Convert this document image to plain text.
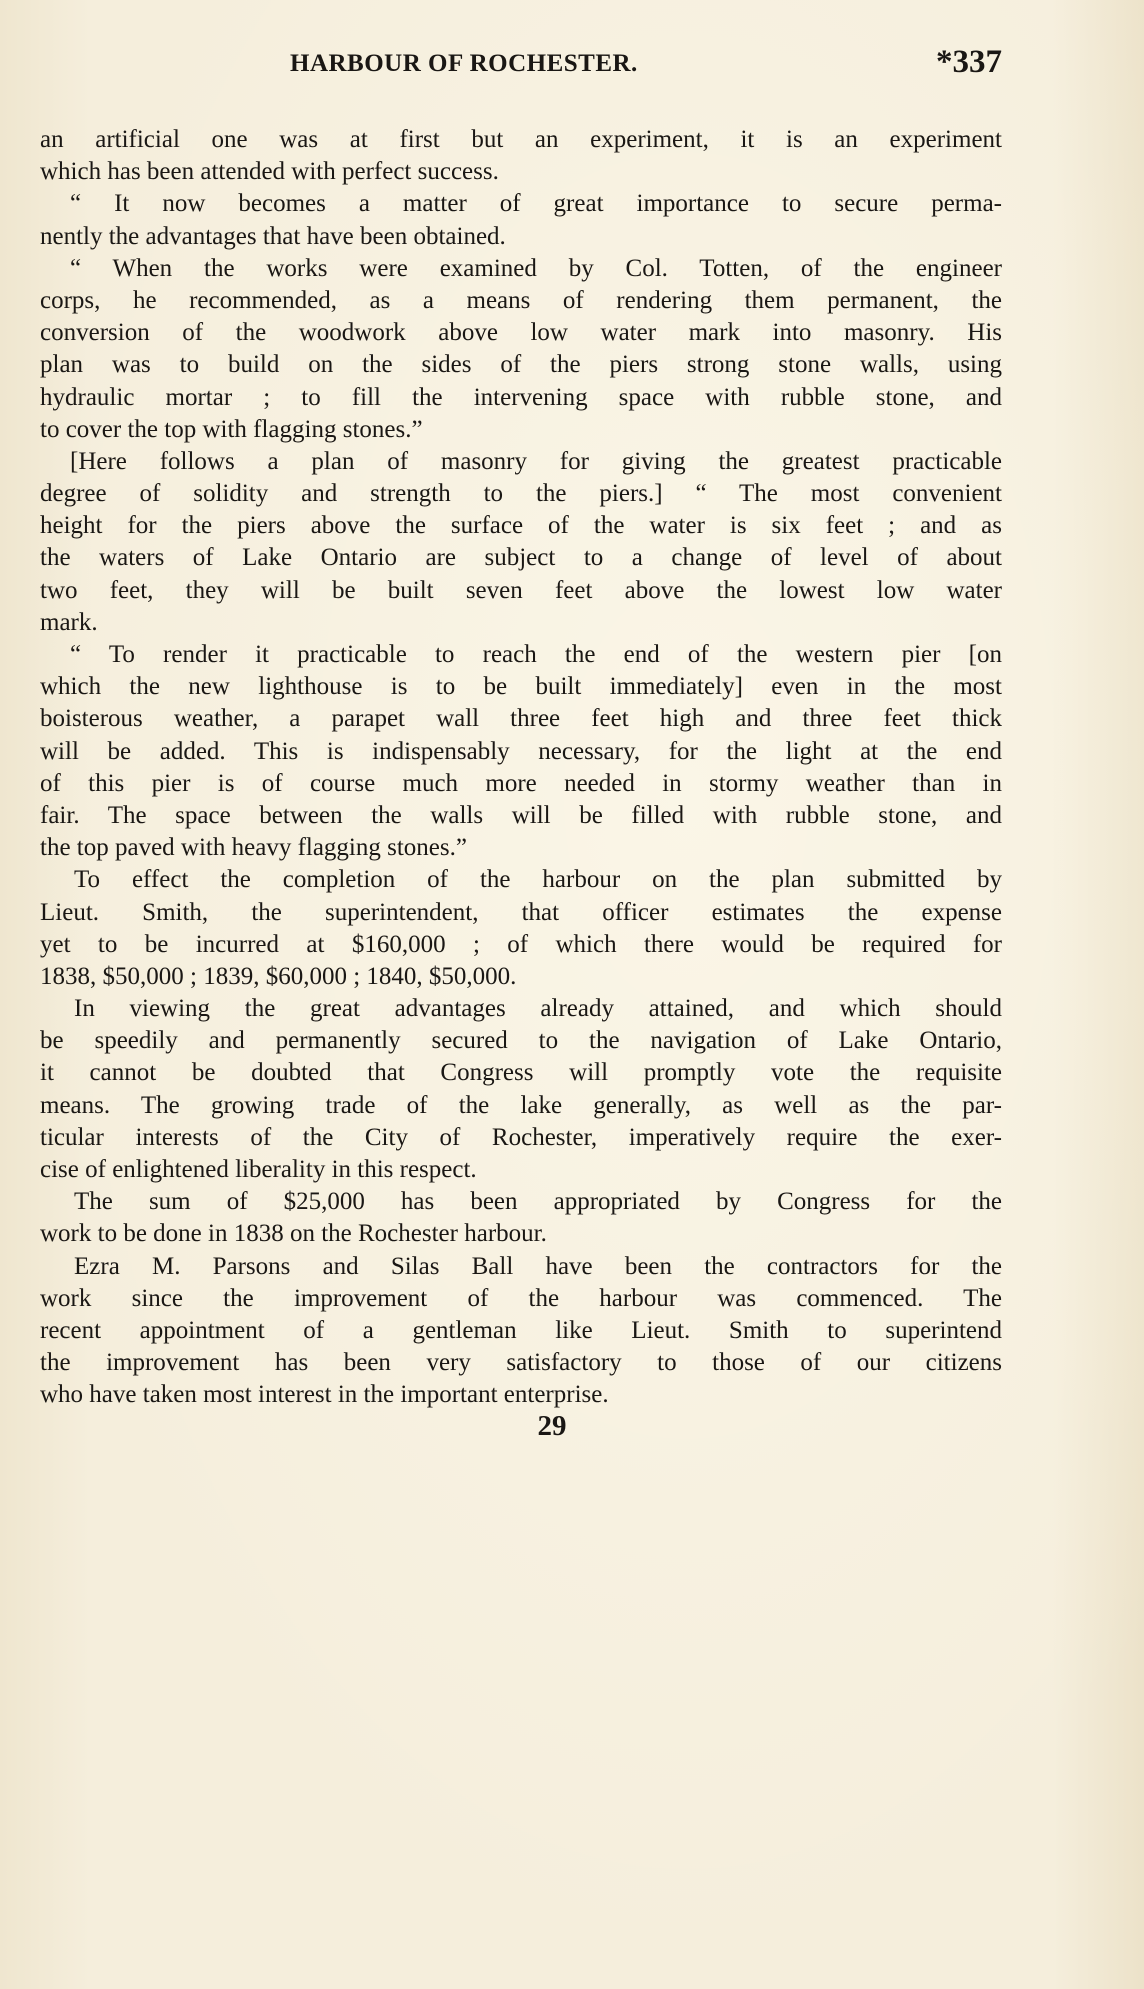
HARBOUR OF ROCHESTER.	*337
an artificial one was at first but an experiment, it is an experiment
which has been attended with perfect success.
“ It now becomes a matter of great importance to secure perma-
nently the advantages that have been obtained.
“ When the works were examined by Col. Totten, of the engineer
corps, he recommended, as a means of rendering them permanent, the
conversion of the woodwork above low water mark into masonry. His
plan was to build on the sides of the piers strong stone walls, using
hydraulic mortar ; to fill the intervening space with rubble stone, and
to cover the top with flagging stones.”
[Here follows a plan of masonry for giving the greatest practicable
degree of solidity and strength to the piers.] “ The most convenient
height for the piers above the surface of the water is six feet ; and as
the waters of Lake Ontario are subject to a change of level of about
two feet, they will be built seven feet above the lowest low water
mark.
“ To render it practicable to reach the end of the western pier [on
which the new lighthouse is to be built immediately] even in the most
boisterous weather, a parapet wall three feet high and three feet thick
will be added. This is indispensably necessary, for the light at the end
of this pier is of course much more needed in stormy weather than in
fair. The space between the walls will be filled with rubble stone, and
the top paved with heavy flagging stones.”
To effect the completion of the harbour on the plan submitted by
Lieut. Smith, the superintendent, that officer estimates the expense
yet to be incurred at $160,000 ; of which there would be required for
1838, $50,000 ; 1839, $60,000 ; 1840, $50,000.
In viewing the great advantages already attained, and which should
be speedily and permanently secured to the navigation of Lake Ontario,
it cannot be doubted that Congress will promptly vote the requisite
means. The growing trade of the lake generally, as well as the par-
ticular interests of the City of Rochester, imperatively require the exer-
cise of enlightened liberality in this respect.
The sum of $25,000 has been appropriated by Congress for the
work to be done in 1838 on the Rochester harbour.
Ezra M. Parsons and Silas Ball have been the contractors for the
work since the improvement of the harbour was commenced. The
recent appointment of a gentleman like Lieut. Smith to superintend
the improvement has been very satisfactory to those of our citizens
who have taken most interest in the important enterprise.
29
